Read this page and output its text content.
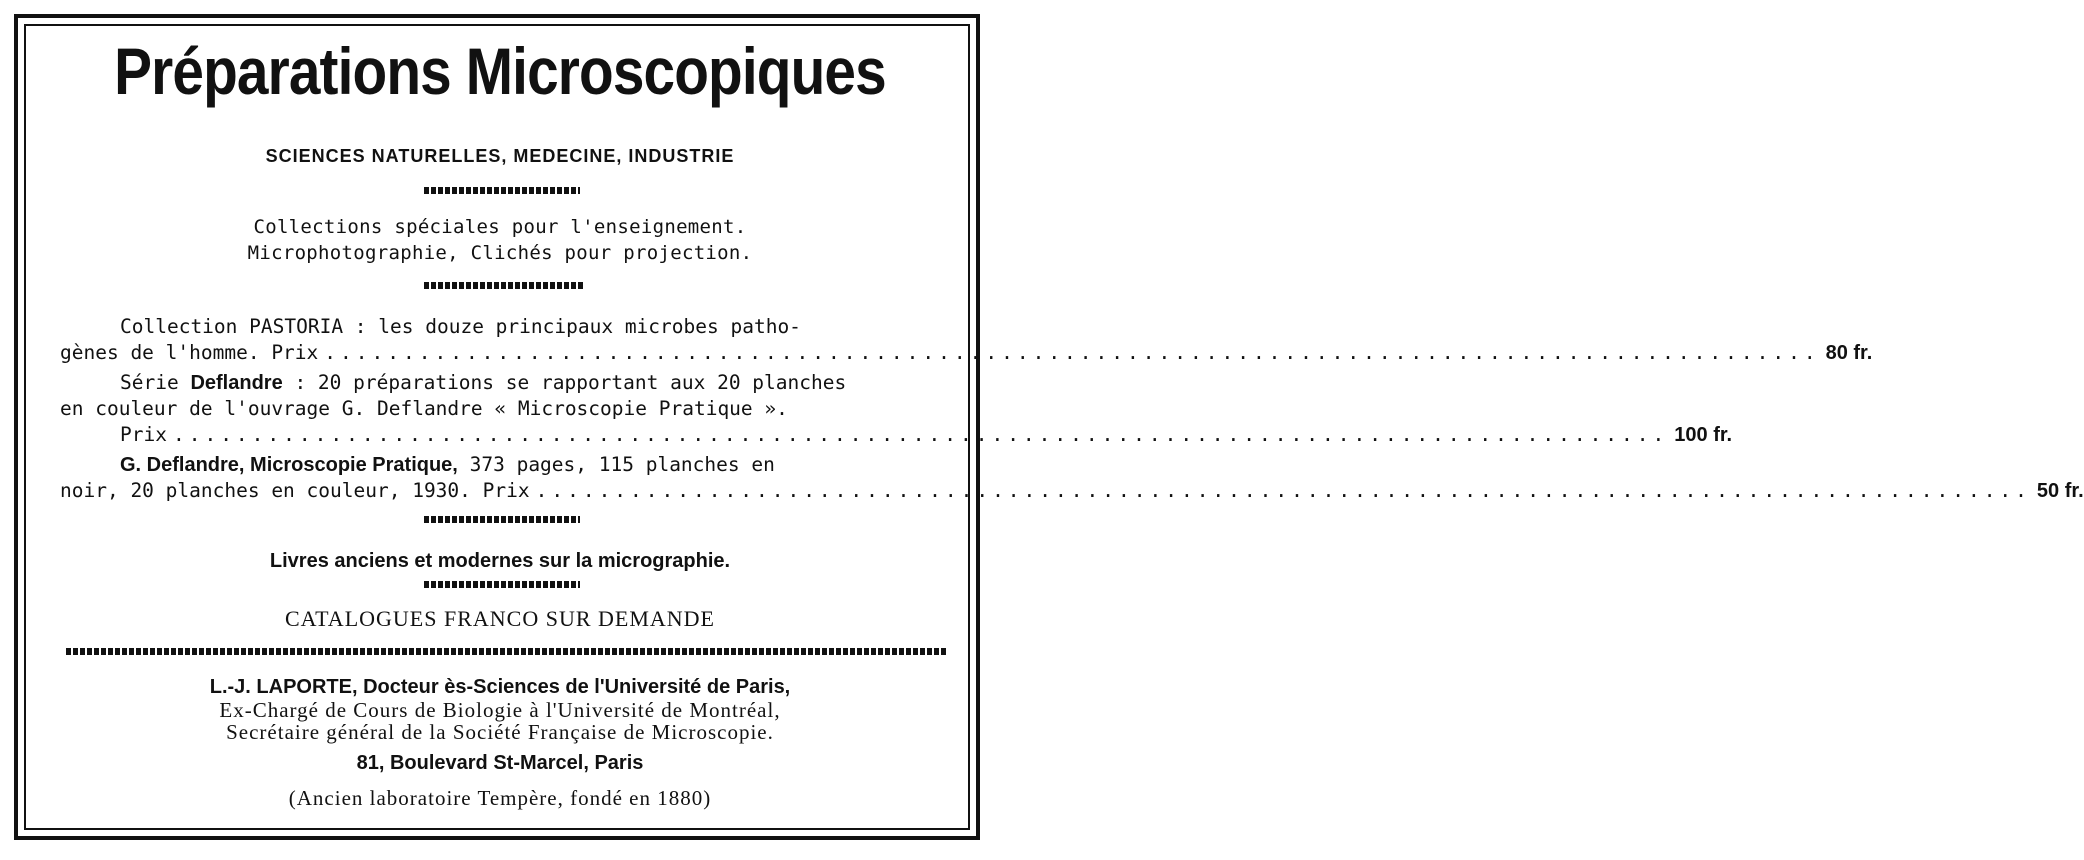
Préparations Microscopiques
SCIENCES NATURELLES, MEDECINE, INDUSTRIE
Collections spéciales pour l'enseignement.
Microphotographie, Clichés pour projection.
Collection PASTORIA : les douze principaux microbes patho-
gènes de l'homme. Prix ............................................................................................... 80 fr.
Série Deflandre : 20 préparations se rapportant aux 20 planches
en couleur de l'ouvrage G. Deflandre « Microscopie Pratique ».
Prix ............................................................................................... 100 fr.
G. Deflandre, Microscopie Pratique, 373 pages, 115 planches en
noir, 20 planches en couleur, 1930. Prix ............................................................................................... 50 fr.
Livres anciens et modernes sur la micrographie.
CATALOGUES FRANCO SUR DEMANDE
L.-J. LAPORTE, Docteur ès-Sciences de l'Université de Paris,
Ex-Chargé de Cours de Biologie à l'Université de Montréal,
Secrétaire général de la Société Française de Microscopie.
81, Boulevard St-Marcel, Paris
(Ancien laboratoire Tempère, fondé en 1880)
